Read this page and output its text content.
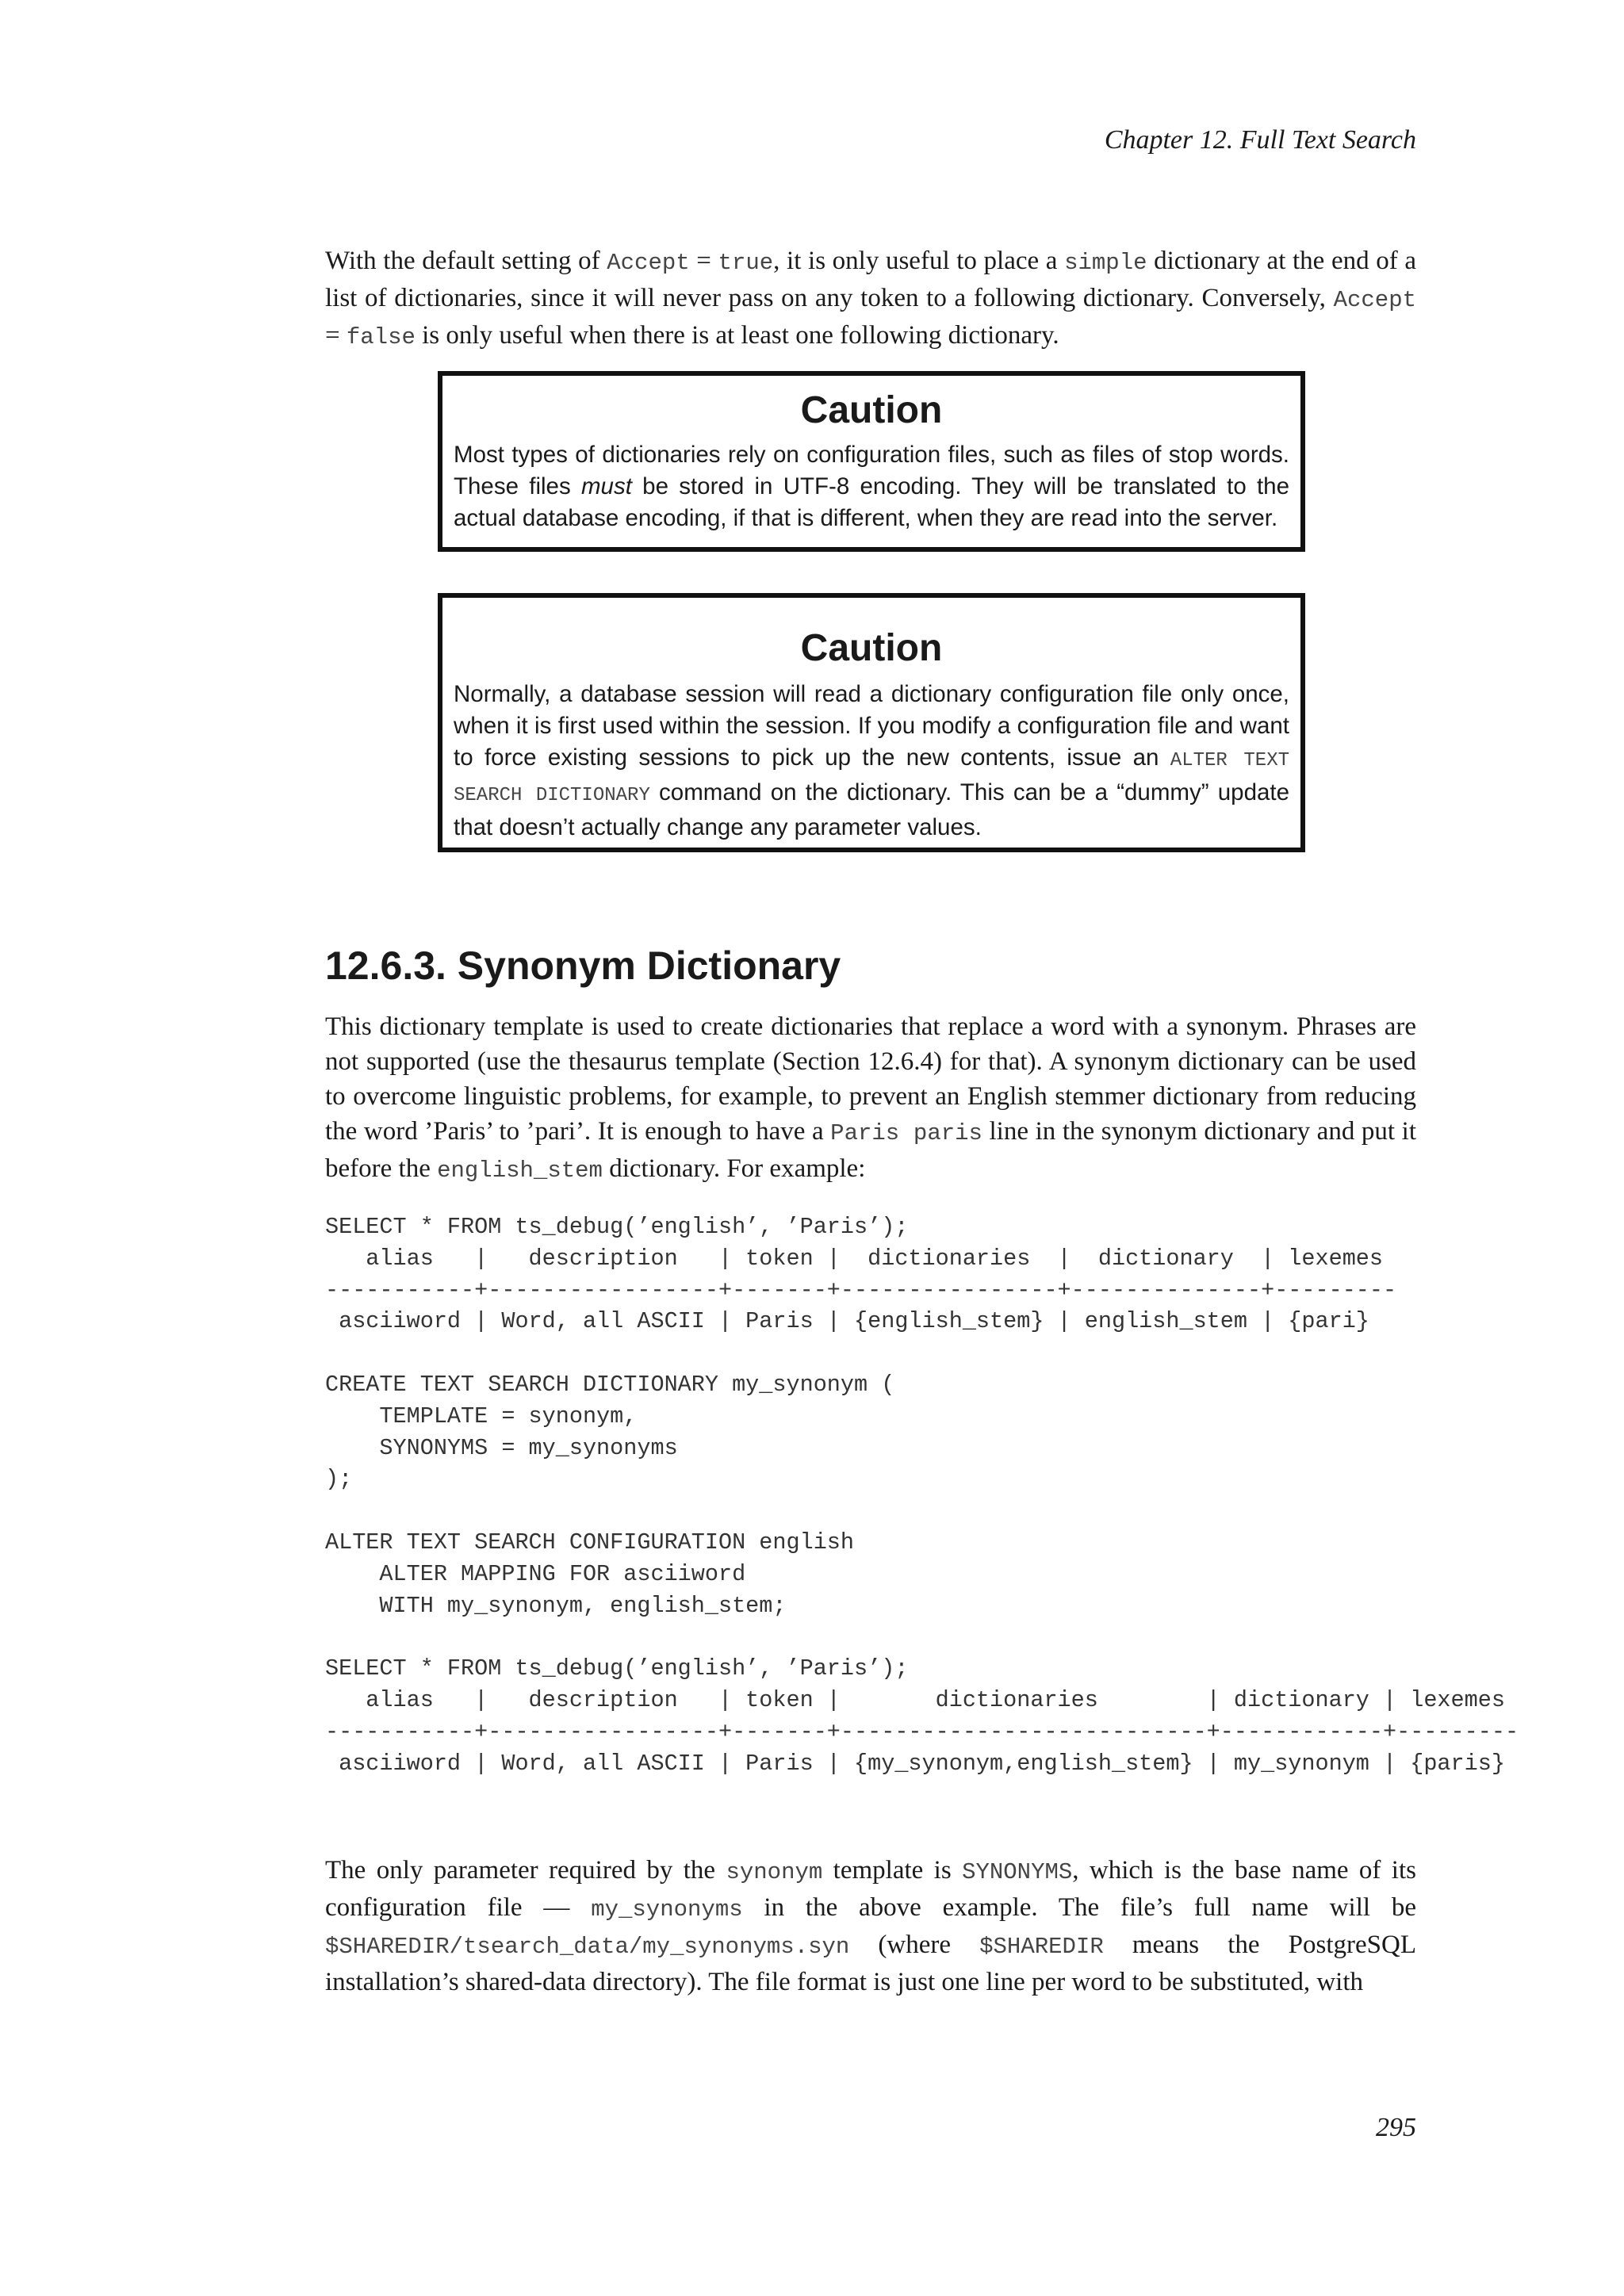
Chapter 12. Full Text Search

With the default setting of Accept = true, it is only useful to place a simple dictionary at the end of a list of dictionaries, since it will never pass on any token to a following dictionary. Conversely, Accept = false is only useful when there is at least one following dictionary.

Caution
Most types of dictionaries rely on configuration files, such as files of stop words. These files must be stored in UTF-8 encoding. They will be translated to the actual database encoding, if that is different, when they are read into the server.
Caution
Normally, a database session will read a dictionary configuration file only once, when it is first used within the session. If you modify a configuration file and want to force existing sessions to pick up the new contents, issue an ALTER TEXT SEARCH DICTIONARY command on the dictionary. This can be a “dummy” update that doesn’t actually change any parameter values.
12.6.3. Synonym Dictionary

This dictionary template is used to create dictionaries that replace a word with a synonym. Phrases are not supported (use the thesaurus template (Section 12.6.4) for that). A synonym dictionary can be used to overcome linguistic problems, for example, to prevent an English stemmer dictionary from reducing the word ’Paris’ to ’pari’. It is enough to have a Paris paris line in the synonym dictionary and put it before the english_stem dictionary. For example:

SELECT * FROM ts_debug(’english’, ’Paris’);
alias   |   description   | token |  dictionaries  |  dictionary  | lexemes
-----------+-----------------+-------+----------------+--------------+---------
asciiword | Word, all ASCII | Paris | {english_stem} | english_stem | {pari}
CREATE TEXT SEARCH DICTIONARY my_synonym (
TEMPLATE = synonym,
SYNONYMS = my_synonyms
);
ALTER TEXT SEARCH CONFIGURATION english
ALTER MAPPING FOR asciiword
WITH my_synonym, english_stem;
SELECT * FROM ts_debug(’english’, ’Paris’);
alias   |   description   | token |       dictionaries        | dictionary | lexemes
-----------+-----------------+-------+---------------------------+------------+---------
asciiword | Word, all ASCII | Paris | {my_synonym,english_stem} | my_synonym | {paris}

The only parameter required by the synonym template is SYNONYMS, which is the base name of its configuration file — my_synonyms in the above example. The file’s full name will be $SHAREDIR/tsearch_data/my_synonyms.syn (where $SHAREDIR means the PostgreSQL installation’s shared-data directory). The file format is just one line per word to be substituted, with

295
